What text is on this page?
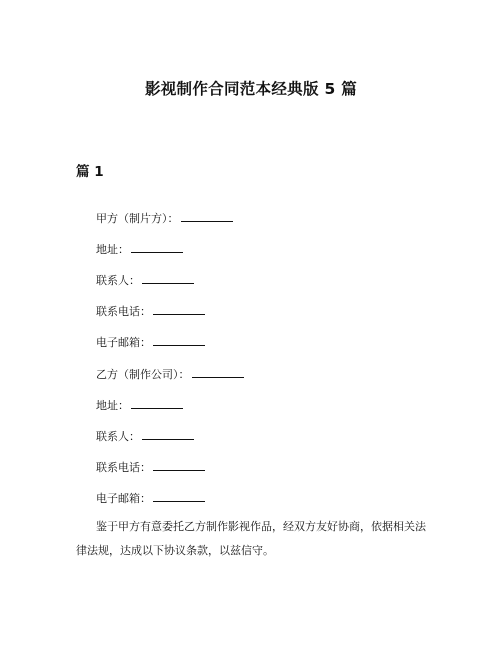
影视制作合同范本经典版 5 篇
篇 1
甲方（制片方）：
地址：
联系人：
联系电话：
电子邮箱：
乙方（制作公司）：
地址：
联系人：
联系电话：
电子邮箱：
鉴于甲方有意委托乙方制作影视作品，经双方友好协商，依据相关法律法规，达成以下协议条款，以兹信守。
